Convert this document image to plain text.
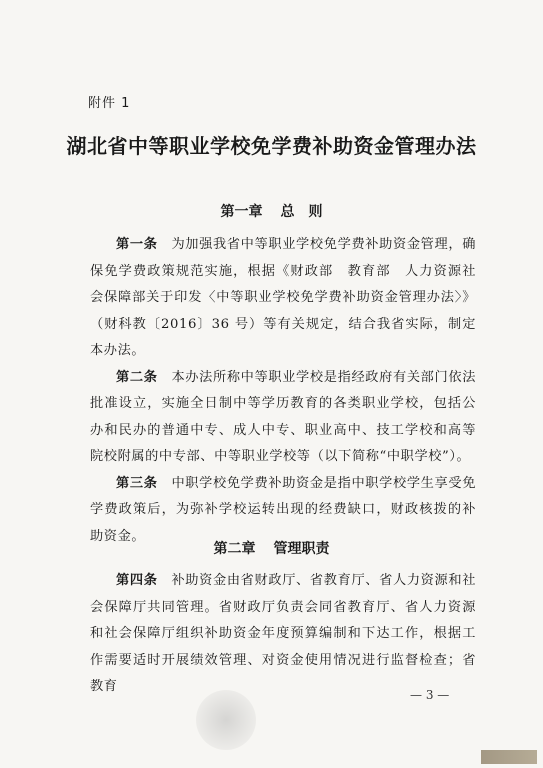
附件 1
湖北省中等职业学校免学费补助资金管理办法
第一章 总　则

第一条　 为加强我省中等职业学校免学费补助资金管理，确保免学费政策规范实施，根据《财政部　教育部　人力资源社会保障部关于印发〈中等职业学校免学费补助资金管理办法〉》（财科教〔2016〕36 号）等有关规定，结合我省实际，制定本办法。

第二条　 本办法所称中等职业学校是指经政府有关部门依法批准设立，实施全日制中等学历教育的各类职业学校，包括公办和民办的普通中专、成人中专、职业高中、技工学校和高等院校附属的中专部、中等职业学校等（以下简称“中职学校”）。

第三条　 中职学校免学费补助资金是指中职学校学生享受免学费政策后，为弥补学校运转出现的经费缺口，财政核拨的补助资金。

第二章 管理职责

第四条　 补助资金由省财政厅、省教育厅、省人力资源和社会保障厅共同管理。省财政厅负责会同省教育厅、省人力资源和社会保障厅组织补助资金年度预算编制和下达工作，根据工作需要适时开展绩效管理、对资金使用情况进行监督检查；省教育

— 3 —
